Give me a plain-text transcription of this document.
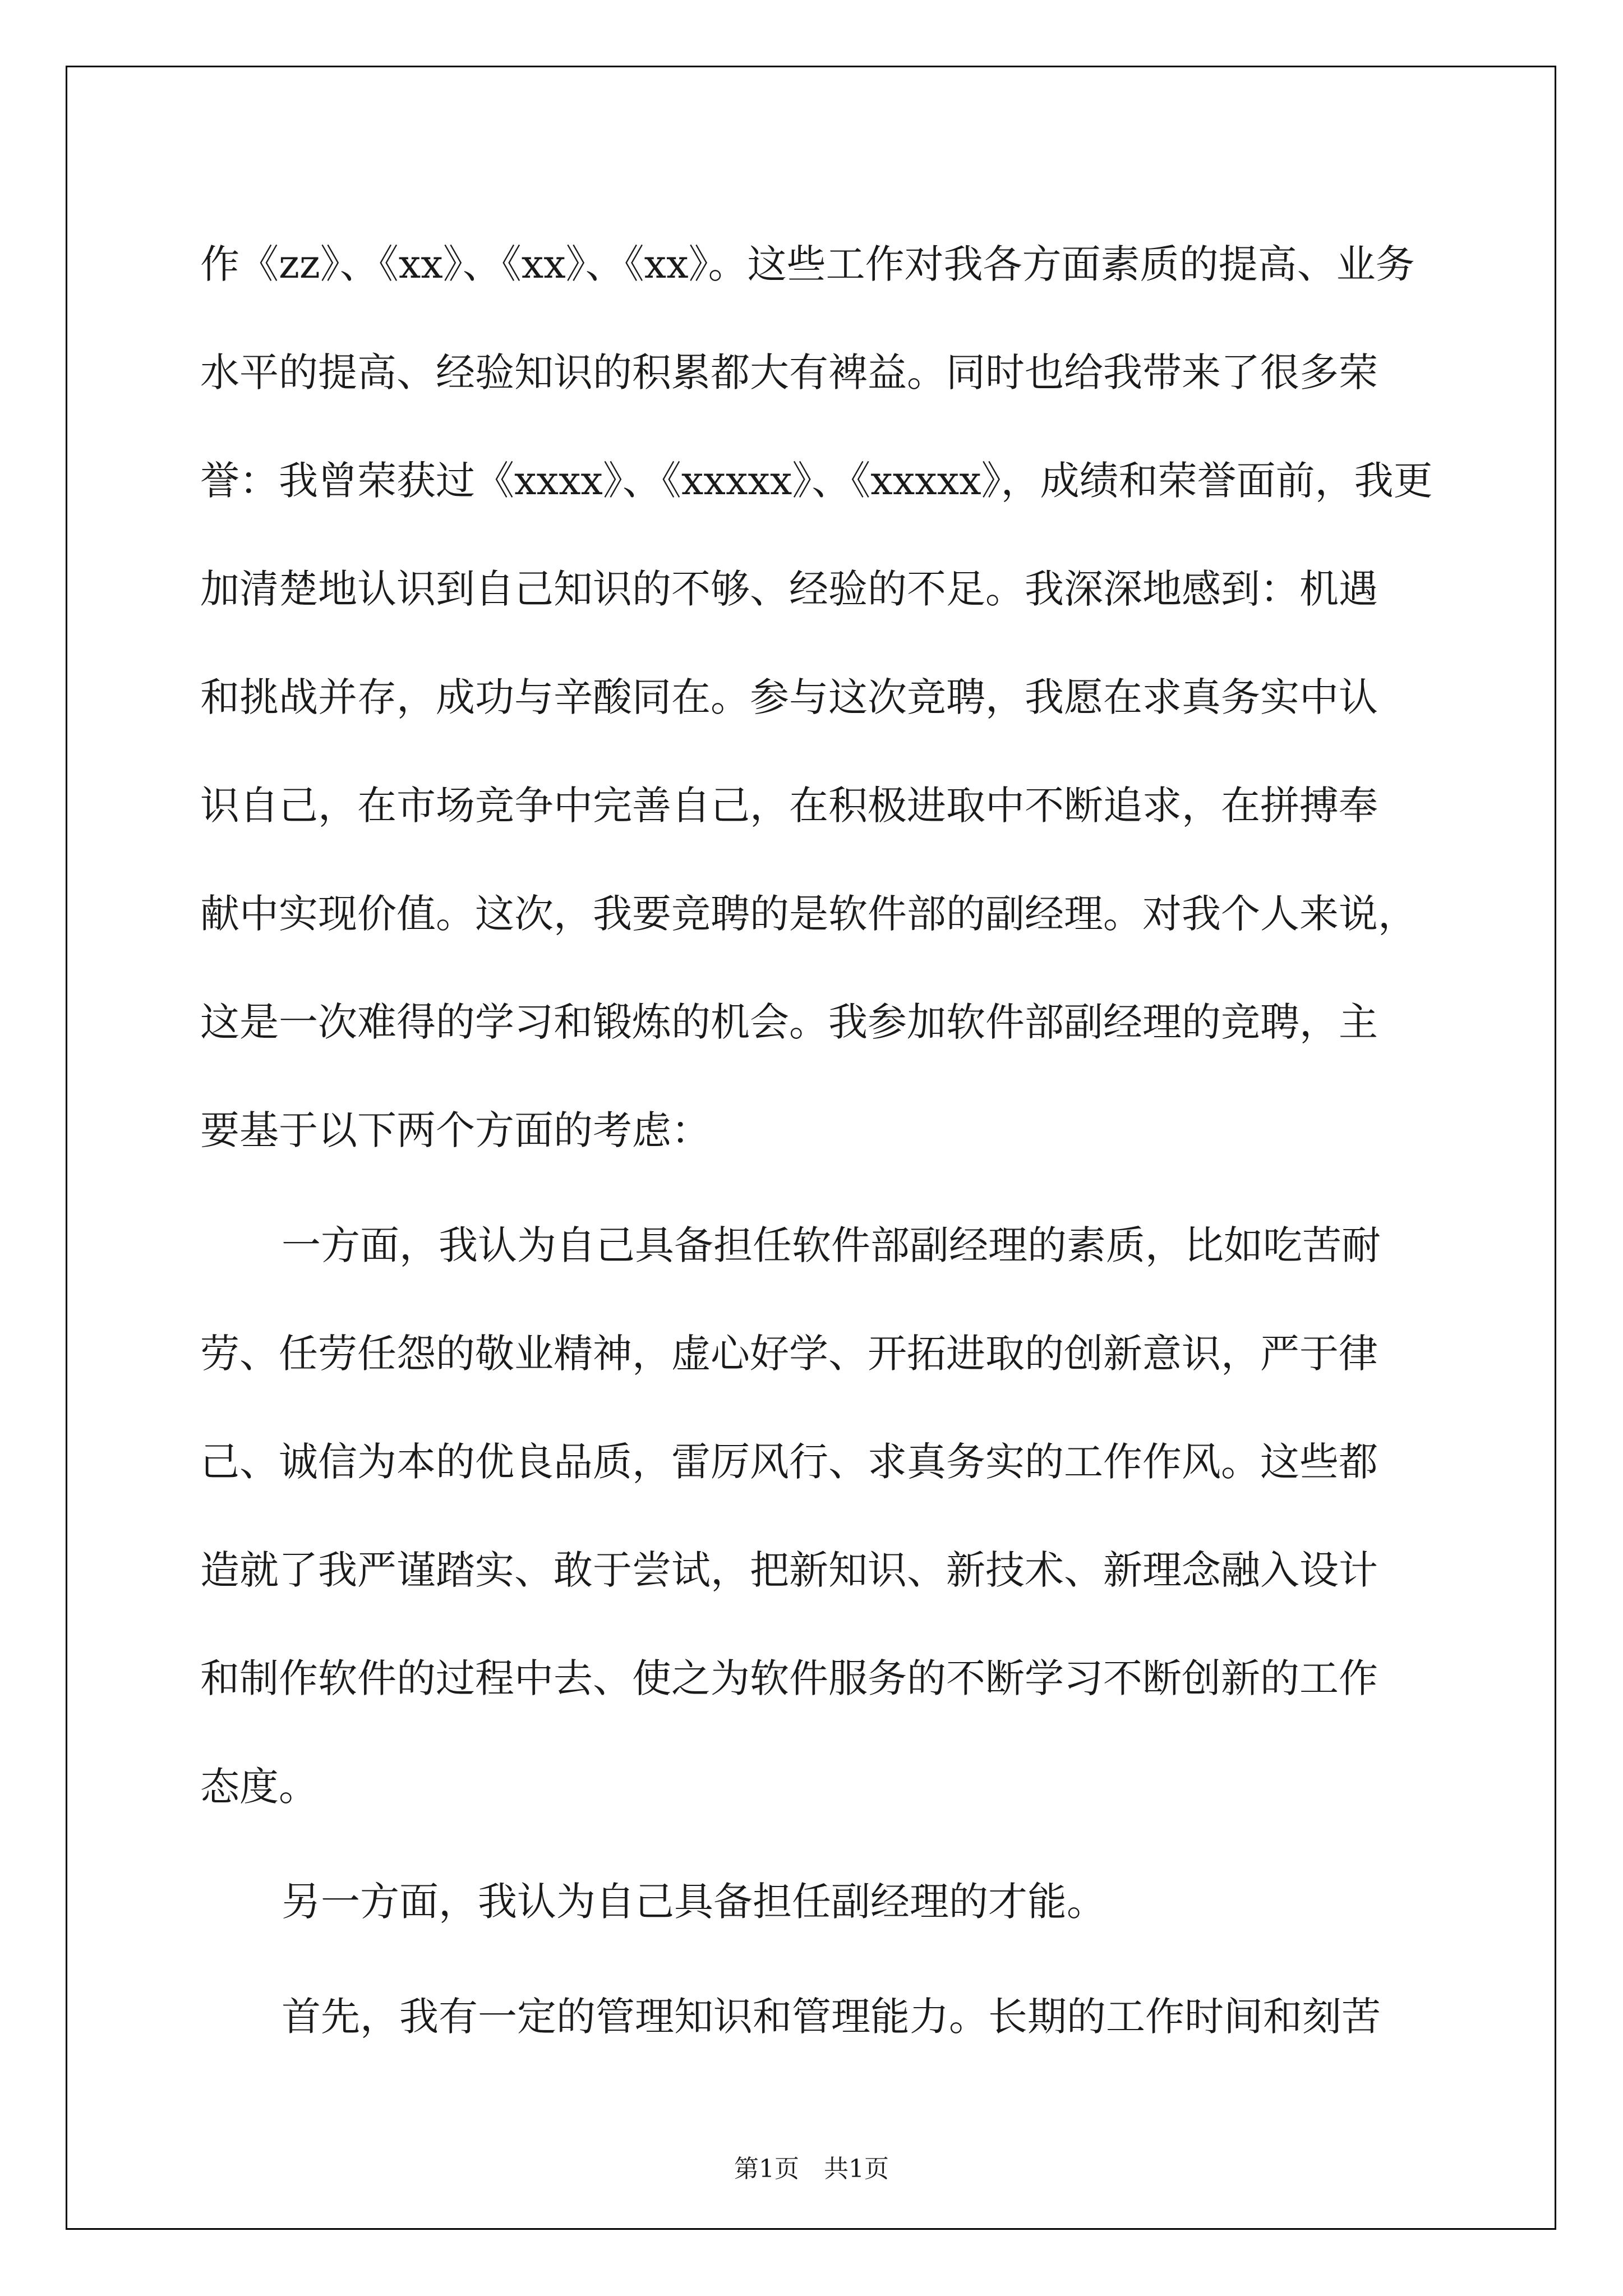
作《zz》、《xx》、《xx》、《xx》。这些工作对我各方面素质的提高、业务
水平的提高、经验知识的积累都大有裨益。同时也给我带来了很多荣
誉：我曾荣获过《xxxx》、《xxxxx》、《xxxxx》，成绩和荣誉面前，我更
加清楚地认识到自己知识的不够、经验的不足。我深深地感到：机遇
和挑战并存，成功与辛酸同在。参与这次竞聘，我愿在求真务实中认
识自己，在市场竞争中完善自己，在积极进取中不断追求，在拼搏奉
献中实现价值。这次，我要竞聘的是软件部的副经理。对我个人来说，
这是一次难得的学习和锻炼的机会。我参加软件部副经理的竞聘，主
要基于以下两个方面的考虑：
一方面，我认为自己具备担任软件部副经理的素质，比如吃苦耐
劳、任劳任怨的敬业精神，虚心好学、开拓进取的创新意识，严于律
己、诚信为本的优良品质，雷厉风行、求真务实的工作作风。这些都
造就了我严谨踏实、敢于尝试，把新知识、新技术、新理念融入设计
和制作软件的过程中去、使之为软件服务的不断学习不断创新的工作
态度。
另一方面，我认为自己具备担任副经理的才能。
首先，我有一定的管理知识和管理能力。长期的工作时间和刻苦
第1页　共1页
